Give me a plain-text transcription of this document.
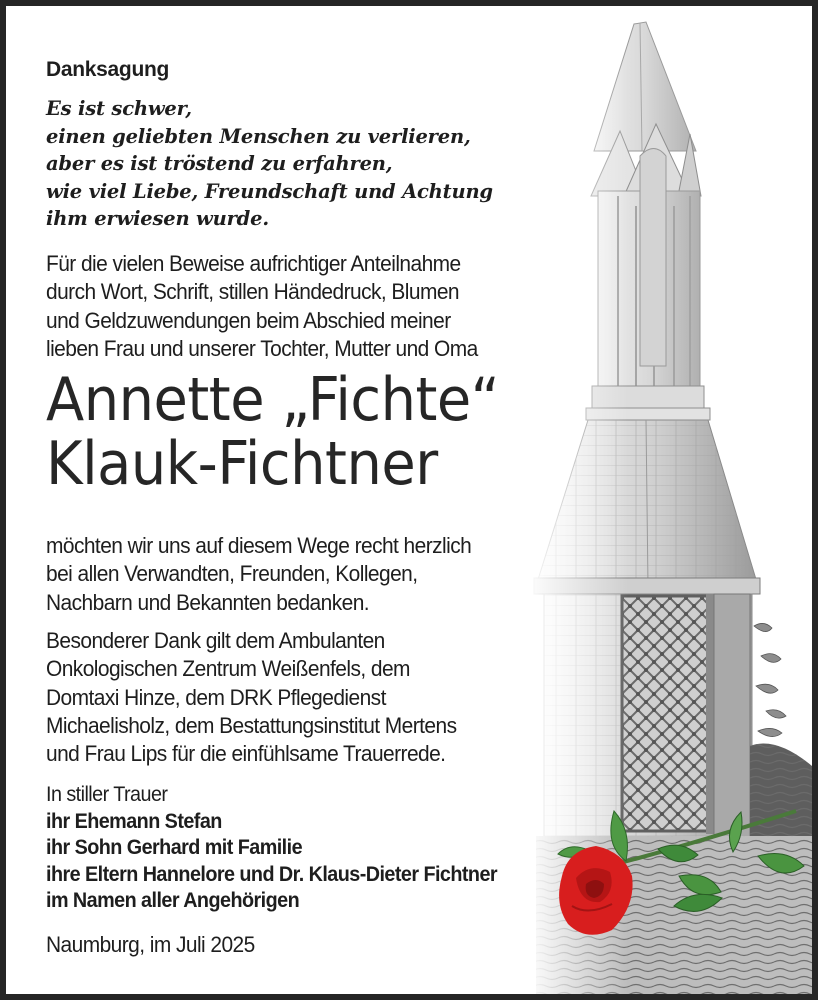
Danksagung
Es ist schwer,
einen geliebten Menschen zu verlieren,
aber es ist tröstend zu erfahren,
wie viel Liebe, Freundschaft und Achtung
ihm erwiesen wurde.
Für die vielen Beweise aufrichtiger Anteilnahme
durch Wort, Schrift, stillen Händedruck, Blumen
und Geldzuwendungen beim Abschied meiner
lieben Frau und unserer Tochter, Mutter und Oma
Annette „Fichte“
Klauk-Fichtner
möchten wir uns auf diesem Wege recht herzlich
bei allen Verwandten, Freunden, Kollegen,
Nachbarn und Bekannten bedanken.
Besonderer Dank gilt dem Ambulanten
Onkologischen Zentrum Weißenfels, dem
Domtaxi Hinze, dem DRK Pflegedienst
Michaelisholz, dem Bestattungsinstitut Mertens
und Frau Lips für die einfühlsame Trauerrede.
In stiller Trauer
ihr Ehemann Stefan
ihr Sohn Gerhard mit Familie
ihre Eltern Hannelore und Dr. Klaus-Dieter Fichtner
im Namen aller Angehörigen
Naumburg, im Juli 2025
